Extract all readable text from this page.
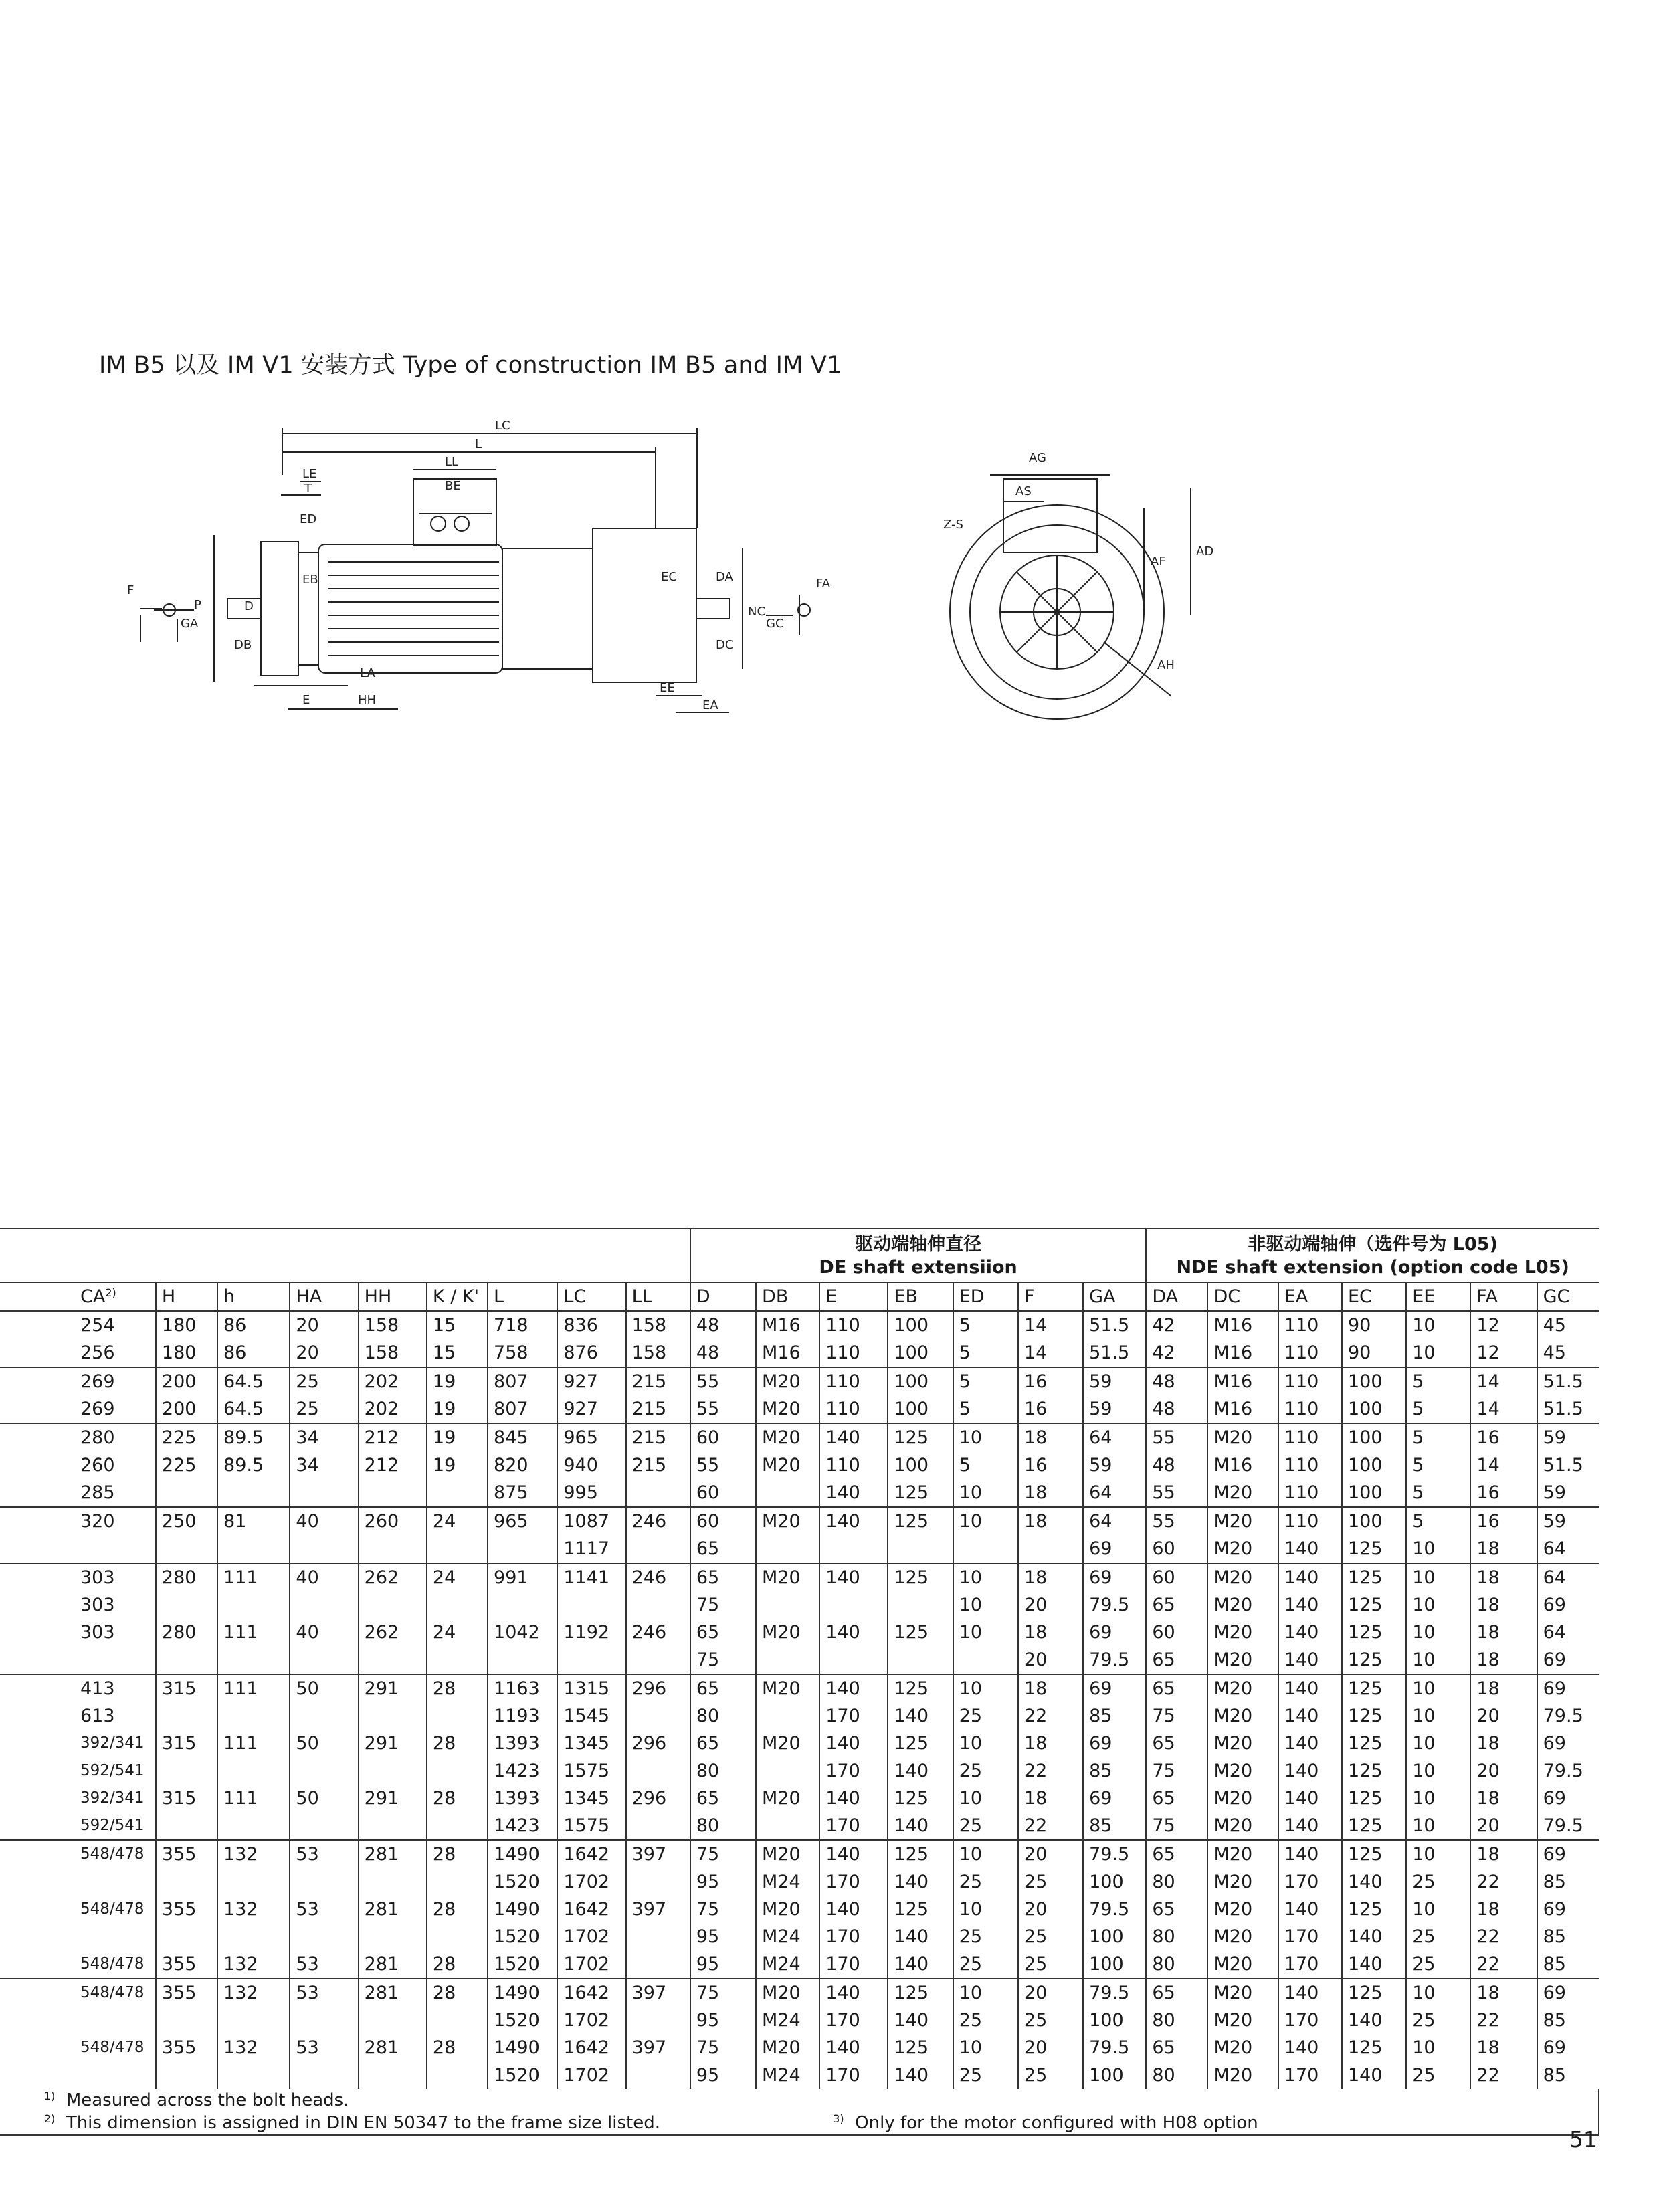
IM B5 以及 IM V1 安装方式 Type of construction IM B5 and IM V1
LC
L
LL
LE
T	BE
ED
EB
P	D
DB
LA
HH
E
EC	DA
NC
DC
EE
EA
F
GA
AG
AS
Z-S
AF
AD
AH
FA
GC

									驱动端轴伸直径
DE shaft extensiion							非驱动端轴伸（选件号为 L05)
NDE shaft extension (option code L05)						

CA$^{2)}$	H	h	HA	HH	K / K'	L	LC	LL	D	DB	E	EB	ED	F	GA	DA	DC	EA	EC	EE	FA	GC
254	180	86	20	158	15	718	836	158	48	M16	110	100	5	14	51.5	42	M16	110	90	10	12	45
256	180	86	20	158	15	758	876	158	48	M16	110	100	5	14	51.5	42	M16	110	90	10	12	45
269	200	64.5	25	202	19	807	927	215	55	M20	110	100	5	16	59	48	M16	110	100	5	14	51.5
269	200	64.5	25	202	19	807	927	215	55	M20	110	100	5	16	59	48	M16	110	100	5	14	51.5
280	225	89.5	34	212	19	845	965	215	60	M20	140	125	10	18	64	55	M20	110	100	5	16	59
260	225	89.5	34	212	19	820	940	215	55	M20	110	100	5	16	59	48	M16	110	100	5	14	51.5
285						875	995		60		140	125	10	18	64	55	M20	110	100	5	16	59
320	250	81	40	260	24	965	1087	246	60	M20	140	125	10	18	64	55	M20	110	100	5	16	59
							1117		65						69	60	M20	140	125	10	18	64
303	280	111	40	262	24	991	1141	246	65	M20	140	125	10	18	69	60	M20	140	125	10	18	64
303									75				10	20	79.5	65	M20	140	125	10	18	69
303	280	111	40	262	24	1042	1192	246	65	M20	140	125	10	18	69	60	M20	140	125	10	18	64
									75					20	79.5	65	M20	140	125	10	18	69
413	315	111	50	291	28	1163	1315	296	65	M20	140	125	10	18	69	65	M20	140	125	10	18	69
613						1193	1545		80		170	140	25	22	85	75	M20	140	125	10	20	79.5
392/341	315	111	50	291	28	1393	1345	296	65	M20	140	125	10	18	69	65	M20	140	125	10	18	69
592/541						1423	1575		80		170	140	25	22	85	75	M20	140	125	10	20	79.5
392/341	315	111	50	291	28	1393	1345	296	65	M20	140	125	10	18	69	65	M20	140	125	10	18	69
592/541						1423	1575		80		170	140	25	22	85	75	M20	140	125	10	20	79.5
548/478	355	132	53	281	28	1490	1642	397	75	M20	140	125	10	20	79.5	65	M20	140	125	10	18	69
						1520	1702		95	M24	170	140	25	25	100	80	M20	170	140	25	22	85
548/478	355	132	53	281	28	1490	1642	397	75	M20	140	125	10	20	79.5	65	M20	140	125	10	18	69
						1520	1702		95	M24	170	140	25	25	100	80	M20	170	140	25	22	85
548/478	355	132	53	281	28	1520	1702		95	M24	170	140	25	25	100	80	M20	170	140	25	22	85
548/478	355	132	53	281	28	1490	1642	397	75	M20	140	125	10	20	79.5	65	M20	140	125	10	18	69
						1520	1702		95	M24	170	140	25	25	100	80	M20	170	140	25	22	85
548/478	355	132	53	281	28	1490	1642	397	75	M20	140	125	10	20	79.5	65	M20	140	125	10	18	69
						1520	1702		95	M24	170	140	25	25	100	80	M20	170	140	25	22	85
$^{1)}$ Measured across the bolt heads.																						
$^{2)}$ This dimension is assigned in DIN EN 50347 to the frame size listed.											$^{3)}$ Only for the motor configured with H08 option											
51
